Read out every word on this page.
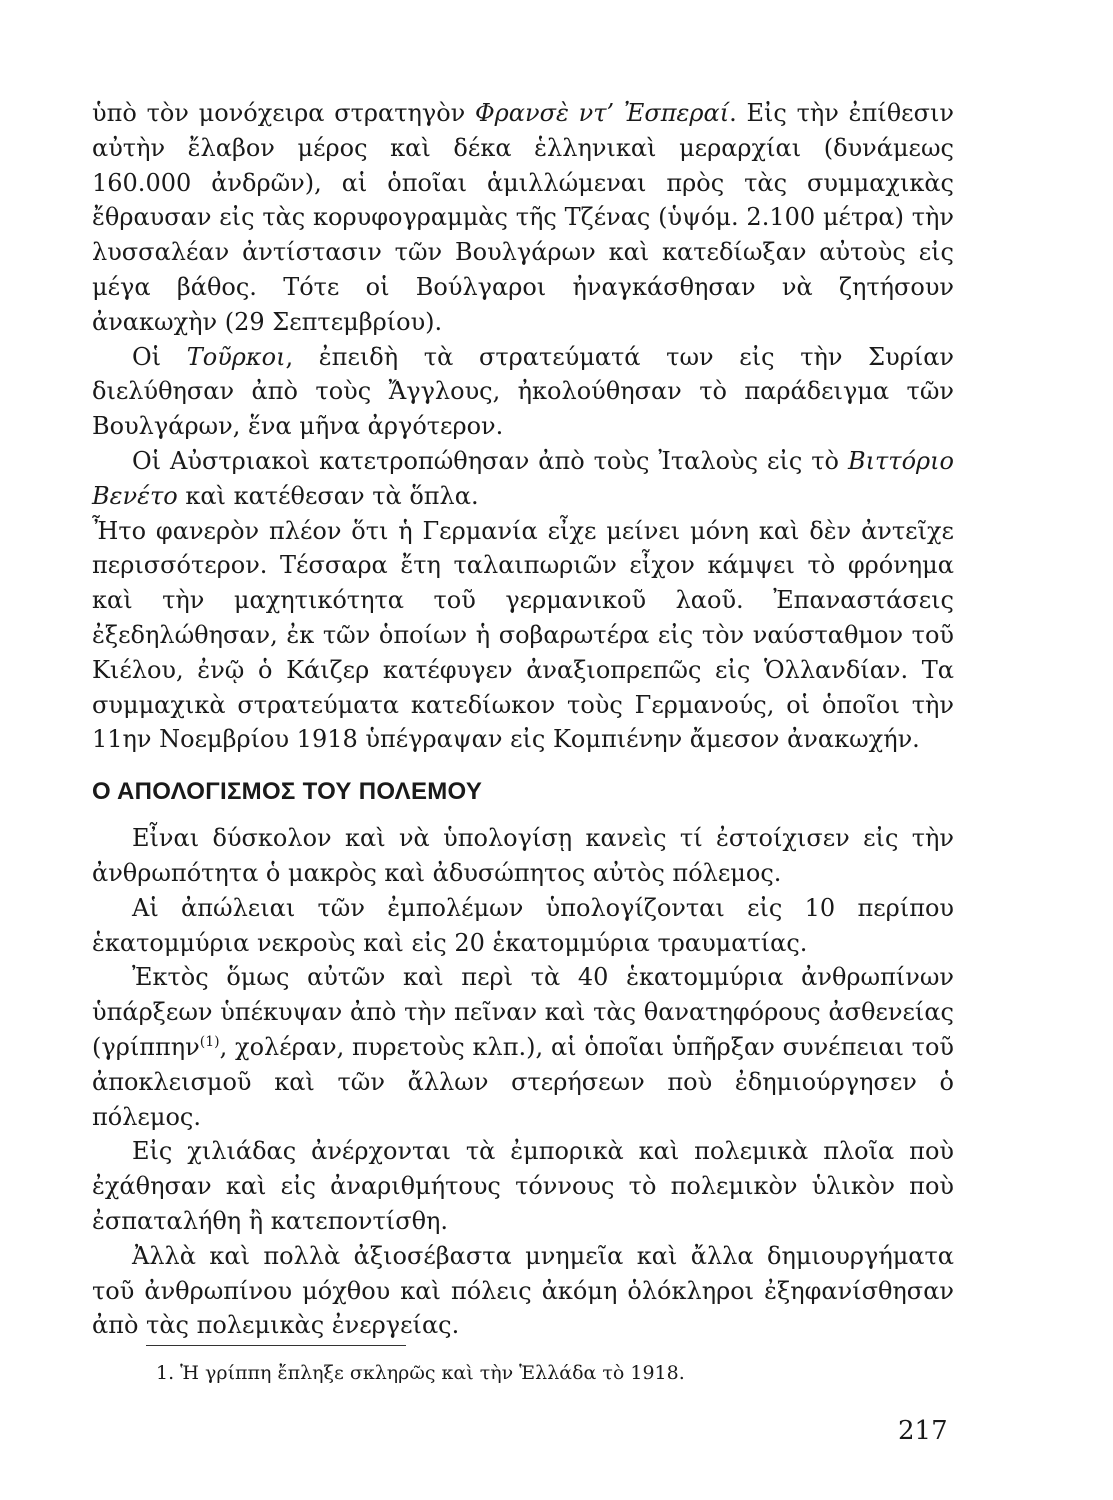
ὑπὸ τὸν μονόχειρα στρατηγὸν Φρανσὲ ντ’ Ἐσπεραί. Εἰς τὴν ἐπίθεσιν αὐτὴν ἔλαβον μέρος καὶ δέκα ἑλληνικαὶ μεραρχίαι (δυνάμεως 160.000 ἀνδρῶν), αἱ ὁποῖαι ἁμιλλώμεναι πρὸς τὰς συμμαχικὰς ἔθραυσαν εἰς τὰς κορυφογραμμὰς τῆς Τζένας (ὑψόμ. 2.100 μέτρα) τὴν λυσσαλέαν ἀντίστασιν τῶν Βουλγάρων καὶ κατεδίωξαν αὐτοὺς εἰς μέγα βάθος. Τότε οἱ Βούλγαροι ἠναγκάσθησαν νὰ ζητήσουν ἀνακωχὴν (29 Σεπτεμβρίου).

Οἱ Τοῦρκοι, ἐπειδὴ τὰ στρατεύματά των εἰς τὴν Συρίαν διελύθησαν ἀπὸ τοὺς Ἄγγλους, ἠκολούθησαν τὸ παράδειγμα τῶν Βουλγάρων, ἕνα μῆνα ἀργότερον.

Οἱ Αὐστριακοὶ κατετροπώθησαν ἀπὸ τοὺς Ἰταλοὺς εἰς τὸ Βιττόριο Βενέτο καὶ κατέθεσαν τὰ ὅπλα.

Ἦτο φανερὸν πλέον ὅτι ἡ Γερμανία εἶχε μείνει μόνη καὶ δὲν ἀντεῖχε περισσότερον. Τέσσαρα ἔτη ταλαιπωριῶν εἶχον κάμψει τὸ φρόνημα καὶ τὴν μαχητικότητα τοῦ γερμανικοῦ λαοῦ. Ἐπαναστάσεις ἐξεδηλώθησαν, ἐκ τῶν ὁποίων ἡ σοβαρωτέρα εἰς τὸν ναύσταθμον τοῦ Κιέλου, ἐνῷ ὁ Κάιζερ κατέφυγεν ἀναξιοπρεπῶς εἰς Ὁλλανδίαν. Τα συμμαχικὰ στρατεύματα κατεδίωκον τοὺς Γερμανούς, οἱ ὁποῖοι τὴν 11ην Νοεμβρίου 1918 ὑπέγραψαν εἰς Κομπιένην ἄμεσον ἀνακωχήν.

Ο ΑΠΟΛΟΓΙΣΜΟΣ ΤΟΥ ΠΟΛΕΜΟΥ

Εἶναι δύσκολον καὶ νὰ ὑπολογίσῃ κανεὶς τί ἐστοίχισεν εἰς τὴν ἀνθρωπότητα ὁ μακρὸς καὶ ἀδυσώπητος αὐτὸς πόλεμος.

Αἱ ἀπώλειαι τῶν ἐμπολέμων ὑπολογίζονται εἰς 10 περίπου ἑκατομμύρια νεκροὺς καὶ εἰς 20 ἑκατομμύρια τραυματίας.

Ἐκτὸς ὅμως αὐτῶν καὶ περὶ τὰ 40 ἑκατομμύρια ἀνθρωπίνων ὑπάρξεων ὑπέκυψαν ἀπὸ τὴν πεῖναν καὶ τὰς θανατηφόρους ἀσθενείας (γρίππην$^{(1)}$, χολέραν, πυρετοὺς κλπ.), αἱ ὁποῖαι ὑπῆρξαν συνέπειαι τοῦ ἀποκλεισμοῦ καὶ τῶν ἄλλων στερήσεων ποὺ ἐδημιούργησεν ὁ πόλεμος.

Εἰς χιλιάδας ἀνέρχονται τὰ ἐμπορικὰ καὶ πολεμικὰ πλοῖα ποὺ ἐχάθησαν καὶ εἰς ἀναριθμήτους τόννους τὸ πολεμικὸν ὑλικὸν ποὺ ἐσπαταλήθη ἢ κατεποντίσθη.

Ἀλλὰ καὶ πολλὰ ἀξιοσέβαστα μνημεῖα καὶ ἄλλα δημιουργήματα τοῦ ἀνθρωπίνου μόχθου καὶ πόλεις ἀκόμη ὁλόκληροι ἐξηφανίσθησαν ἀπὸ τὰς πολεμικὰς ἐνεργείας.

1. Ἡ γρίππη ἔπληξε σκληρῶς καὶ τὴν Ἑλλάδα τὸ 1918.
217
